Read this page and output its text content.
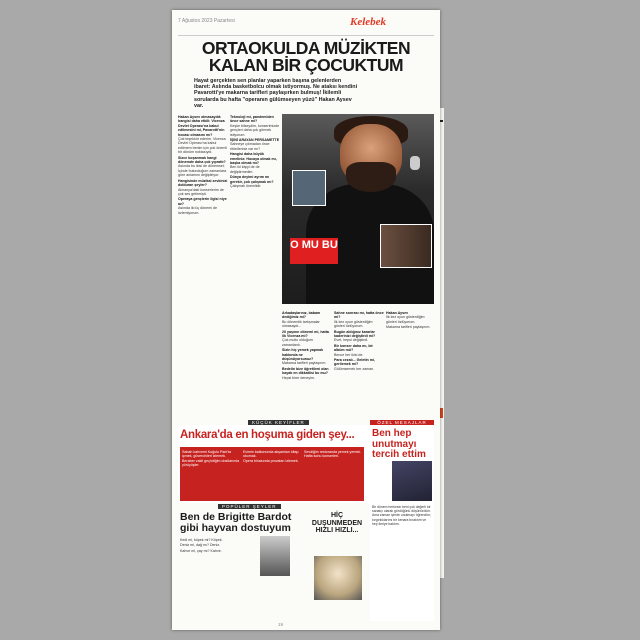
7 Ağustos 2023 Pazartesi	Kelebek
ORTAOKULDA MÜZİKTEN KALAN BİR ÇOCUKTUM
Hayat gerçekten sen planlar yaparken başına gelenlerden ibaret: Aslında basketbolcu olmak istiyormuş. Ne ataksı kendini Pavarotti'ye makarna tarifleri paylaşırken bulmuş! İkilemli sorularda bu hafta "operanın gülümseyen yüzü" Hakan Aysev var.
Hakan Aysev olmasaydık hangisi daha etkili: Vicenza Devlet Operası'na kabul edilmesini mi, Pavarotti'nin hocası olmasını mı?

Çok teşekkür ederim. Vicenza Devlet Operası'na kabul edilmem benim için çok önemli bir dönüm noktasıydı.

Sizce boşanmak hangi dönemde daha çok yıprattı?

Aslında bu ikisi de dönemsel; İçinde bulunduğum zamanlara göre anlamını değiştiriyor.

Hangisinde müzikal zevkinizi dolduran şeyler?

Almanya'daki konserlerim de çok ses getirmişti.

Operaya gençlerin ilgisi niye az?

Aslında iki üç dönemi de özlemiyorum.

Teknoloji mi, pandemiden önce sahne mi?

Keşke bilseydim, konserimizde gençleri daha çok görmek istiyorum.

İŞİNİ ARAYAN PERSAMETTE

Sahneye çıkmadan önce ritüelleriniz var mı?

Hangisi daha büyük emeliniz: Hocaya olmak mı, başka olmak mı?

Ben iki kişiyi de de değiştirmedim.

Dünya deyimi ayrım mı gerekir, çok çalışmak mı?

Çalışmak önemlidir.

O MU BU
Arkadaşlarınız, babam dediğimiz mi?

Bu dönemlik tartışmalar olmasaydı...

20 yaşının dönemi mi, hatta ilk Vicenza mi?

Çok mutlu olduğum zamanlardı.

Sizin hiç yemek yapmak hakkında ne düşünüyorsunuz?

Makarna tarifleri paylaşırım.

Bedelin bize öğretileni olan hayatı en dikkatlisi bu mu?

Hepsi birer deneyim.

Sahne sonrası mı, hatta önce mi?

İlk kez oyun gösterdiğim günleri özlüyorum.

Bugün aldığınız kararlar kaderinizi değiştirdi mi?

Evet, hepsi değiştirdi.

Bir konser daha mı, bir albüm mü?

Bence her ikisi de.

Para cezalı... Geletin mi, gerilemek mi?

Gülümsemek her zaman.

Hakan Aysev

İlk kez oyun gösterdiğim günleri özlüyorum.

Makarna tarifleri paylaşırım.

KÜÇÜK KEYİFLER
Ankara'da en hoşuma giden şey...

Sabah kahvemi Kuğulu Park'ta içmek, güvercinleri izlemek.

Beraber vakit geçirdiğim dostlarımla yürüyüşler.

Evimin balkonunda akşamları kitap okumak.

Opera binasında provaları izlemek.

Sevdiğim restoranda yemek yemek.

Hafta sonu konserleri.

ÖZEL MESAJLAR
Ben hep unutmayı tercih ettim
Bir dönem herkesin beni çok değerli bir sanatçı olarak gördüğünü düşünürdüm. Ama zaman içinde unutmayı öğrendim; kırgınlıklarımı bir kenara bıraktım ve hep ileriye baktım.
POPÜLER ŞEYLER
Ben de Brigitte Bardot gibi hayvan dostuyum
HİÇ DUŞUNMEDEN HIZLI HIZLI...

Kedi mi, köpek mi? Köpek.

Deniz mi, dağ mı? Deniz.

Kahve mi, çay mı? Kahve.

19
